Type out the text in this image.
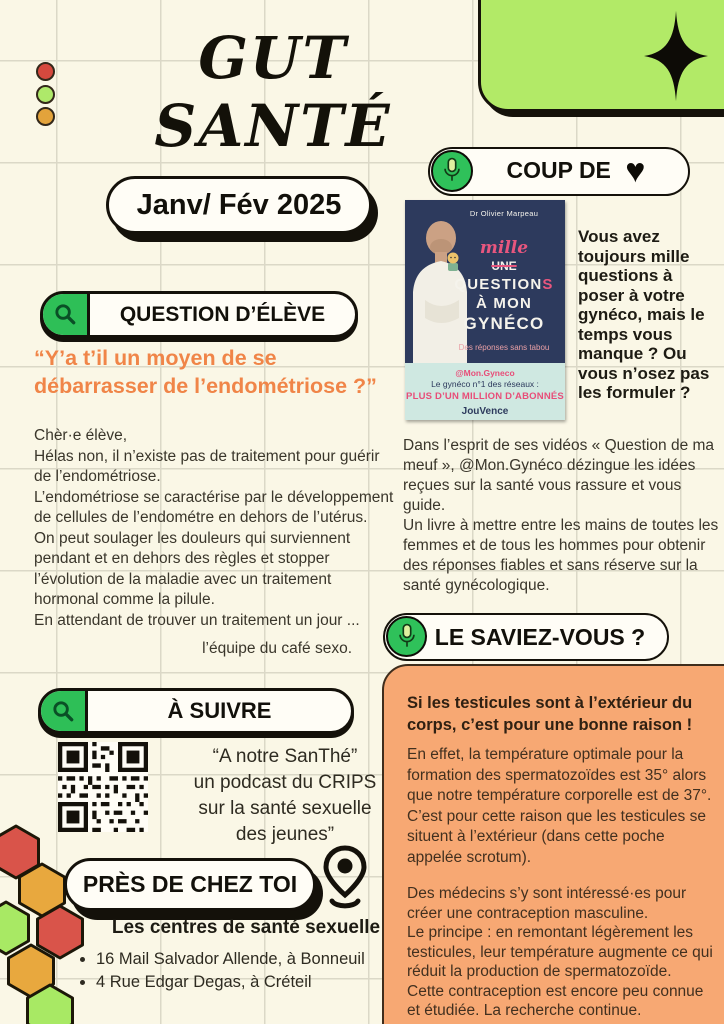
GUT
SANTÉ
Janv/ Fév 2025
COUP DE ♥
Dr Olivier Marpeau
mille
UNE
QUESTIONS
À MON
GYNÉCO
Des réponses sans tabou
@Mon.Gyneco
Le gynéco n°1 des réseaux :
PLUS D’UN MILLION D’ABONNÉS
JouVence
Vous avez toujours mille questions à poser à votre gynéco, mais le temps vous manque ? Ou vous n’osez pas les formuler ?

Dans l’esprit de ses vidéos « Question de ma meuf », @Mon.Gynéco dézingue les idées reçues sur la santé vous rassure et vous guide.

Un livre à mettre entre les mains de toutes les femmes et de tous les hommes pour obtenir des réponses fiables et sans réserve sur la santé gynécologique.

QUESTION D’ÉLÈVE
“Y’a t’il un moyen de se débarrasser de l’endométriose ?”

Chèr·e élève,

Hélas non, il n’existe pas de traitement pour guérir de l’endométriose.

L’endométriose se caractérise par le développement de cellules de l’endométre en dehors de l’utérus.

On peut soulager les douleurs qui surviennent pendant et en dehors des règles et stopper l’évolution de la maladie avec un traitement hormonal comme la pilule.

En attendant de trouver un traitement un jour ...

l’équipe du café sexo.	LE SAVIEZ-VOUS ?

Si les testicules sont à l’extérieur du corps, c’est pour une bonne raison !

En effet, la température optimale pour la formation des spermatozoïdes est 35° alors que notre température corporelle est de 37°. C’est pour cette raison que les testicules se situent à l’extérieur (dans cette poche appelée scrotum).

Des médecins s’y sont intéressé·es pour créer une contraception masculine.

Le principe : en remontant légèrement les testicules, leur température augmente ce qui réduit la production de spermatozoïde.

Cette contraception est encore peu connue et étudiée. La recherche continue.

À SUIVRE
“A notre SanThé”
un podcast du CRIPS
sur la santé sexuelle
des jeunes”
PRÈS DE CHEZ TOI
Les centres de santé sexuelle
• 16 Mail Salvador Allende, à Bonneuil
• 4 Rue Edgar Degas, à Créteil
